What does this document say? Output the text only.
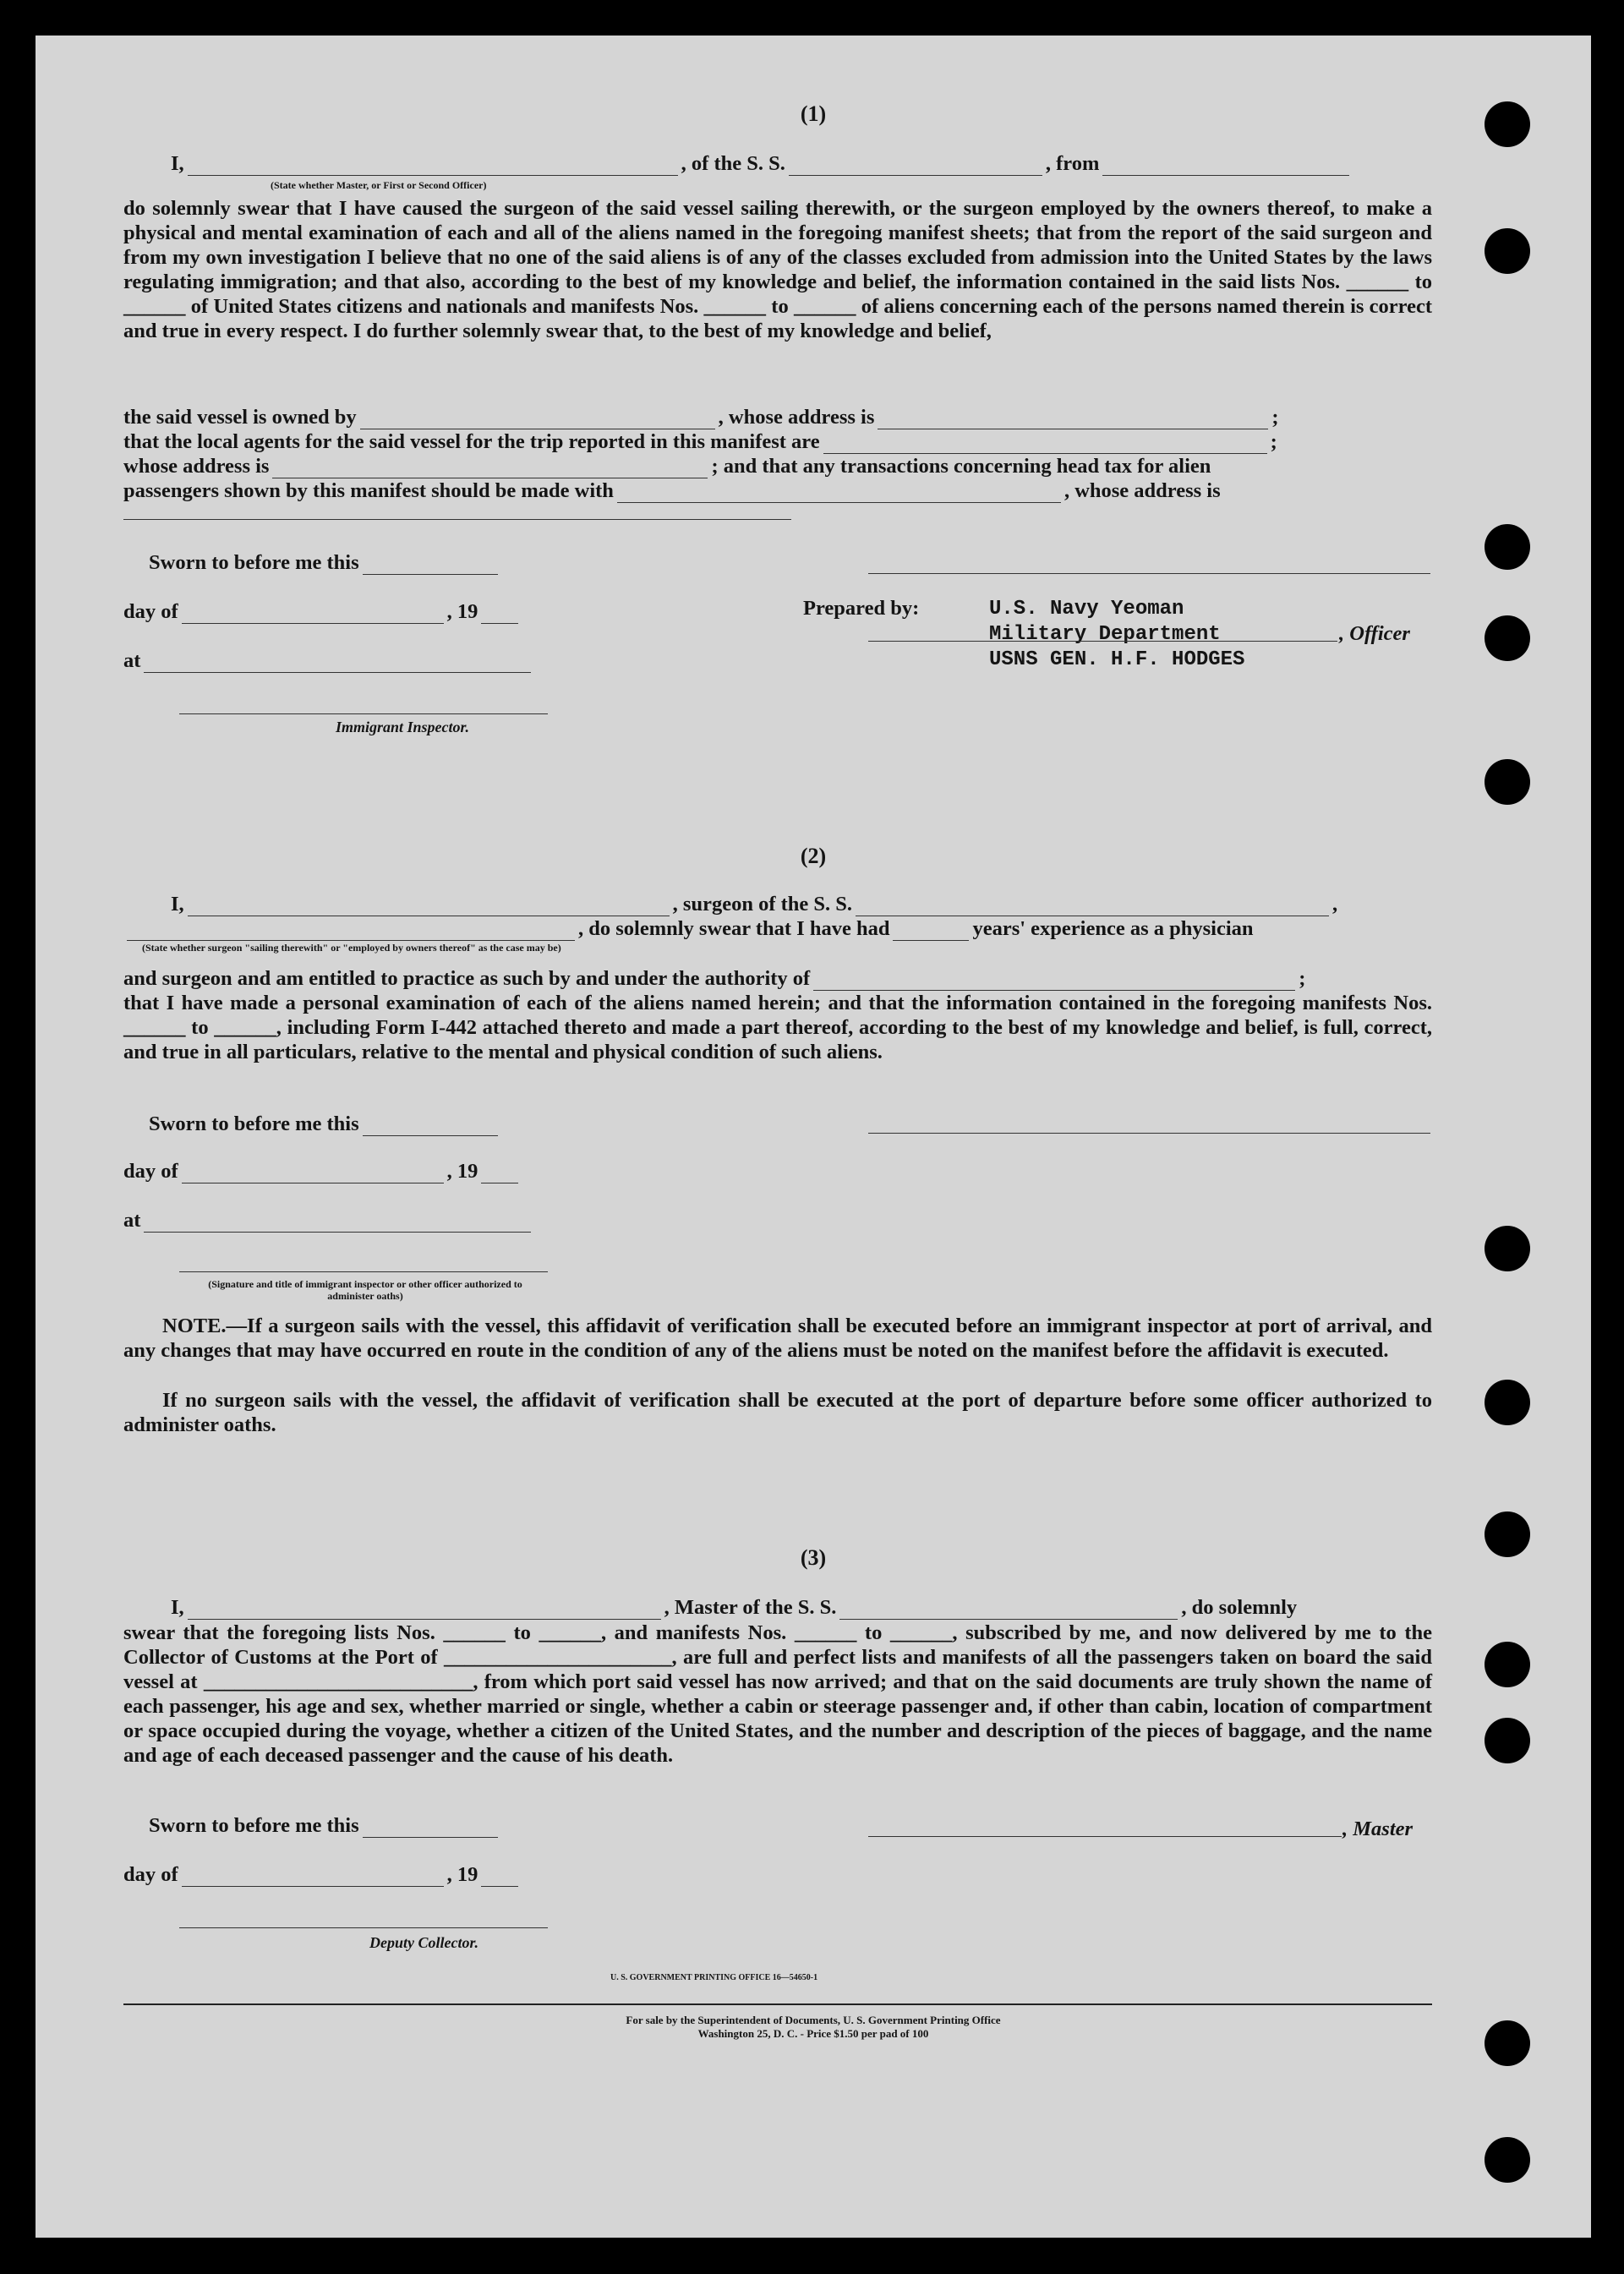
(1)
I,	, of the S. S.	, from
(State whether Master, or First or Second Officer)
do solemnly swear that I have caused the surgeon of the said vessel sailing therewith, or the surgeon employed by the owners thereof, to make a physical and mental examination of each and all of the aliens named in the foregoing manifest sheets; that from the report of the said surgeon and from my own investigation I believe that no one of the said aliens is of any of the classes excluded from admission into the United States by the laws regulating immigration; and that also, according to the best of my knowledge and belief, the information contained in the said lists Nos. ______ to ______ of United States citizens and nationals and manifests Nos. ______ to ______ of aliens concerning each of the persons named therein is correct and true in every respect. I do further solemnly swear that, to the best of my knowledge and belief,
the said vessel is owned by	, whose address is	;
that the local agents for the said vessel for the trip reported in this manifest are	;
whose address is	; and that any transactions concerning head tax for alien
passengers shown by this manifest should be made with	, whose address is
Sworn to before me this
day of	, 19	Prepared by:	U.S. Navy Yeoman
Military Department	, Officer
USNS GEN. H.F. HODGES
at
Immigrant Inspector.
(2)
I,	, surgeon of the S. S.	,
, do solemnly swear that I have had	years' experience as a physician
(State whether surgeon "sailing therewith" or "employed by owners thereof" as the case may be)
and surgeon and am entitled to practice as such by and under the authority of	;
that I have made a personal examination of each of the aliens named herein; and that the information contained in the foregoing manifests Nos. ______ to ______, including Form I-442 attached thereto and made a part thereof, according to the best of my knowledge and belief, is full, correct, and true in all particulars, relative to the mental and physical condition of such aliens.
Sworn to before me this
day of	, 19
at
(Signature and title of immigrant inspector or other officer authorized to administer oaths)
NOTE.—If a surgeon sails with the vessel, this affidavit of verification shall be executed before an immigrant inspector at port of arrival, and any changes that may have occurred en route in the condition of any of the aliens must be noted on the manifest before the affidavit is executed.
If no surgeon sails with the vessel, the affidavit of verification shall be executed at the port of departure before some officer authorized to administer oaths.
(3)
I,	, Master of the S. S.	, do solemnly
swear that the foregoing lists Nos. ______ to ______, and manifests Nos. ______ to ______, subscribed by me, and now delivered by me to the Collector of Customs at the Port of ______________________, are full and perfect lists and manifests of all the passengers taken on board the said vessel at __________________________, from which port said vessel has now arrived; and that on the said documents are truly shown the name of each passenger, his age and sex, whether married or single, whether a cabin or steerage passenger and, if other than cabin, location of compartment or space occupied during the voyage, whether a citizen of the United States, and the number and description of the pieces of baggage, and the name and age of each deceased passenger and the cause of his death.
Sworn to before me this	, Master
day of	, 19
Deputy Collector.
U. S. GOVERNMENT PRINTING OFFICE 16—54650-1
For sale by the Superintendent of Documents, U. S. Government Printing Office
Washington 25, D. C. - Price $1.50 per pad of 100
